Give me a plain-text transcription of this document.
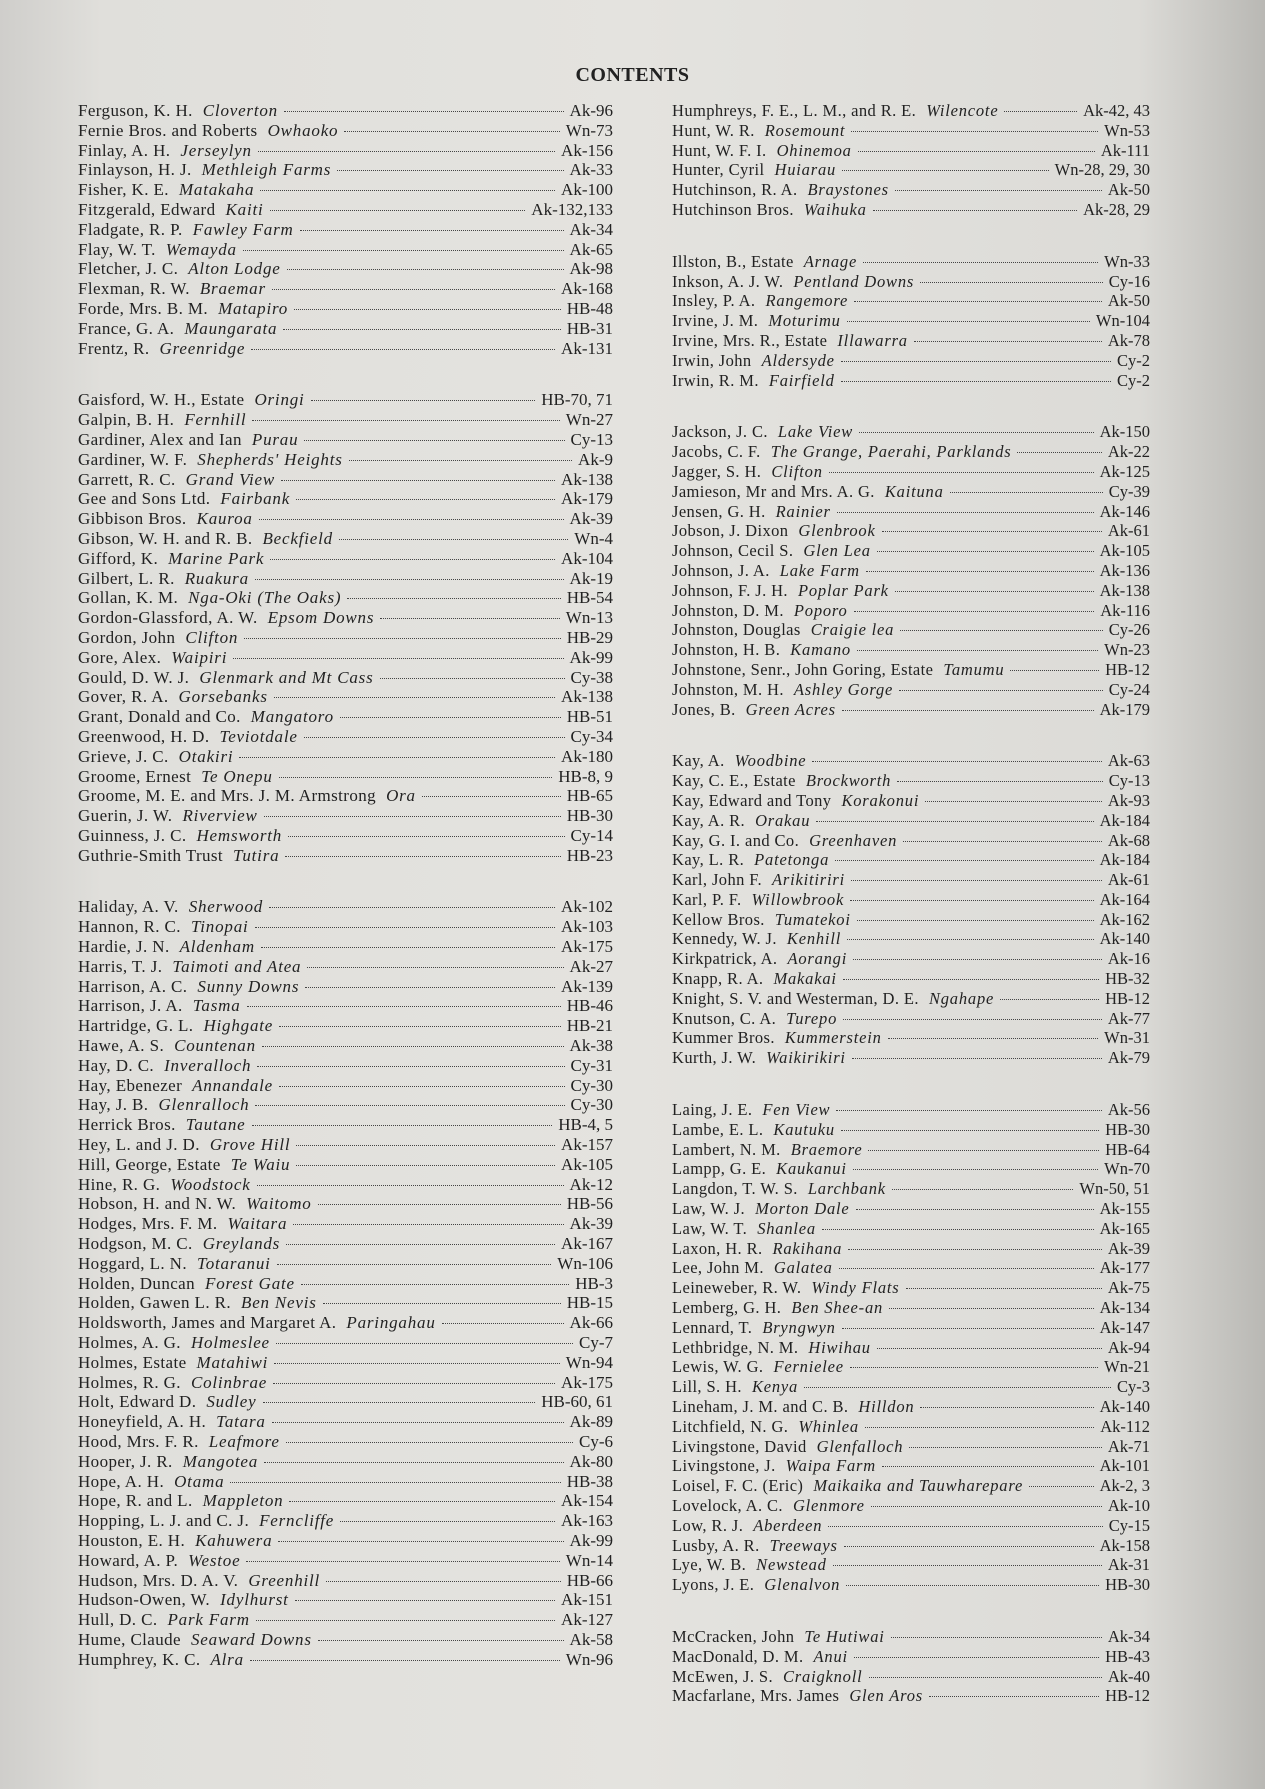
CONTENTS
Ferguson, K. H. Cloverton	Ak-96
Fernie Bros. and Roberts Owhaoko	Wn-73
Finlay, A. H. Jerseylyn	Ak-156
Finlayson, H. J. Methleigh Farms	Ak-33
Fisher, K. E. Matakaha	Ak-100
Fitzgerald, Edward Kaiti	Ak-132,133
Fladgate, R. P. Fawley Farm	Ak-34
Flay, W. T. Wemayda	Ak-65
Fletcher, J. C. Alton Lodge	Ak-98
Flexman, R. W. Braemar	Ak-168
Forde, Mrs. B. M. Matapiro	HB-48
France, G. A. Maungarata	HB-31
Frentz, R. Greenridge	Ak-131
Gaisford, W. H., Estate Oringi	HB-70, 71
Galpin, B. H. Fernhill	Wn-27
Gardiner, Alex and Ian Purau	Cy-13
Gardiner, W. F. Shepherds' Heights	Ak-9
Garrett, R. C. Grand View	Ak-138
Gee and Sons Ltd. Fairbank	Ak-179
Gibbison Bros. Kauroa	Ak-39
Gibson, W. H. and R. B. Beckfield	Wn-4
Gifford, K. Marine Park	Ak-104
Gilbert, L. R. Ruakura	Ak-19
Gollan, K. M. Nga-Oki (The Oaks)	HB-54
Gordon-Glassford, A. W. Epsom Downs	Wn-13
Gordon, John Clifton	HB-29
Gore, Alex. Waipiri	Ak-99
Gould, D. W. J. Glenmark and Mt Cass	Cy-38
Gover, R. A. Gorsebanks	Ak-138
Grant, Donald and Co. Mangatoro	HB-51
Greenwood, H. D. Teviotdale	Cy-34
Grieve, J. C. Otakiri	Ak-180
Groome, Ernest Te Onepu	HB-8, 9
Groome, M. E. and Mrs. J. M. Armstrong Ora	HB-65
Guerin, J. W. Riverview	HB-30
Guinness, J. C. Hemsworth	Cy-14
Guthrie-Smith Trust Tutira	HB-23
Haliday, A. V. Sherwood	Ak-102
Hannon, R. C. Tinopai	Ak-103
Hardie, J. N. Aldenham	Ak-175
Harris, T. J. Taimoti and Atea	Ak-27
Harrison, A. C. Sunny Downs	Ak-139
Harrison, J. A. Tasma	HB-46
Hartridge, G. L. Highgate	HB-21
Hawe, A. S. Countenan	Ak-38
Hay, D. C. Inveralloch	Cy-31
Hay, Ebenezer Annandale	Cy-30
Hay, J. B. Glenralloch	Cy-30
Herrick Bros. Tautane	HB-4, 5
Hey, L. and J. D. Grove Hill	Ak-157
Hill, George, Estate Te Waiu	Ak-105
Hine, R. G. Woodstock	Ak-12
Hobson, H. and N. W. Waitomo	HB-56
Hodges, Mrs. F. M. Waitara	Ak-39
Hodgson, M. C. Greylands	Ak-167
Hoggard, L. N. Totaranui	Wn-106
Holden, Duncan Forest Gate	HB-3
Holden, Gawen L. R. Ben Nevis	HB-15
Holdsworth, James and Margaret A. Paringahau	Ak-66
Holmes, A. G. Holmeslee	Cy-7
Holmes, Estate Matahiwi	Wn-94
Holmes, R. G. Colinbrae	Ak-175
Holt, Edward D. Sudley	HB-60, 61
Honeyfield, A. H. Tatara	Ak-89
Hood, Mrs. F. R. Leafmore	Cy-6
Hooper, J. R. Mangotea	Ak-80
Hope, A. H. Otama	HB-38
Hope, R. and L. Mappleton	Ak-154
Hopping, L. J. and C. J. Ferncliffe	Ak-163
Houston, E. H. Kahuwera	Ak-99
Howard, A. P. Westoe	Wn-14
Hudson, Mrs. D. A. V. Greenhill	HB-66
Hudson-Owen, W. Idylhurst	Ak-151
Hull, D. C. Park Farm	Ak-127
Hume, Claude Seaward Downs	Ak-58
Humphrey, K. C. Alra	Wn-96
Humphreys, F. E., L. M., and R. E. Wilencote	Ak-42, 43
Hunt, W. R. Rosemount	Wn-53
Hunt, W. F. I. Ohinemoa	Ak-111
Hunter, Cyril Huiarau	Wn-28, 29, 30
Hutchinson, R. A. Braystones	Ak-50
Hutchinson Bros. Waihuka	Ak-28, 29
Illston, B., Estate Arnage	Wn-33
Inkson, A. J. W. Pentland Downs	Cy-16
Insley, P. A. Rangemore	Ak-50
Irvine, J. M. Moturimu	Wn-104
Irvine, Mrs. R., Estate Illawarra	Ak-78
Irwin, John Aldersyde	Cy-2
Irwin, R. M. Fairfield	Cy-2
Jackson, J. C. Lake View	Ak-150
Jacobs, C. F. The Grange, Paerahi, Parklands	Ak-22
Jagger, S. H. Clifton	Ak-125
Jamieson, Mr and Mrs. A. G. Kaituna	Cy-39
Jensen, G. H. Rainier	Ak-146
Jobson, J. Dixon Glenbrook	Ak-61
Johnson, Cecil S. Glen Lea	Ak-105
Johnson, J. A. Lake Farm	Ak-136
Johnson, F. J. H. Poplar Park	Ak-138
Johnston, D. M. Poporo	Ak-116
Johnston, Douglas Craigie lea	Cy-26
Johnston, H. B. Kamano	Wn-23
Johnstone, Senr., John Goring, Estate Tamumu	HB-12
Johnston, M. H. Ashley Gorge	Cy-24
Jones, B. Green Acres	Ak-179
Kay, A. Woodbine	Ak-63
Kay, C. E., Estate Brockworth	Cy-13
Kay, Edward and Tony Korakonui	Ak-93
Kay, A. R. Orakau	Ak-184
Kay, G. I. and Co. Greenhaven	Ak-68
Kay, L. R. Patetonga	Ak-184
Karl, John F. Arikitiriri	Ak-61
Karl, P. F. Willowbrook	Ak-164
Kellow Bros. Tumatekoi	Ak-162
Kennedy, W. J. Kenhill	Ak-140
Kirkpatrick, A. Aorangi	Ak-16
Knapp, R. A. Makakai	HB-32
Knight, S. V. and Westerman, D. E. Ngahape	HB-12
Knutson, C. A. Turepo	Ak-77
Kummer Bros. Kummerstein	Wn-31
Kurth, J. W. Waikirikiri	Ak-79
Laing, J. E. Fen View	Ak-56
Lambe, E. L. Kautuku	HB-30
Lambert, N. M. Braemore	HB-64
Lampp, G. E. Kaukanui	Wn-70
Langdon, T. W. S. Larchbank	Wn-50, 51
Law, W. J. Morton Dale	Ak-155
Law, W. T. Shanlea	Ak-165
Laxon, H. R. Rakihana	Ak-39
Lee, John M. Galatea	Ak-177
Leineweber, R. W. Windy Flats	Ak-75
Lemberg, G. H. Ben Shee-an	Ak-134
Lennard, T. Bryngwyn	Ak-147
Lethbridge, N. M. Hiwihau	Ak-94
Lewis, W. G. Fernielee	Wn-21
Lill, S. H. Kenya	Cy-3
Lineham, J. M. and C. B. Hilldon	Ak-140
Litchfield, N. G. Whinlea	Ak-112
Livingstone, David Glenfalloch	Ak-71
Livingstone, J. Waipa Farm	Ak-101
Loisel, F. C. (Eric) Maikaika and Tauwharepare	Ak-2, 3
Lovelock, A. C. Glenmore	Ak-10
Low, R. J. Aberdeen	Cy-15
Lusby, A. R. Treeways	Ak-158
Lye, W. B. Newstead	Ak-31
Lyons, J. E. Glenalvon	HB-30
McCracken, John Te Hutiwai	Ak-34
MacDonald, D. M. Anui	HB-43
McEwen, J. S. Craigknoll	Ak-40
Macfarlane, Mrs. James Glen Aros	HB-12
